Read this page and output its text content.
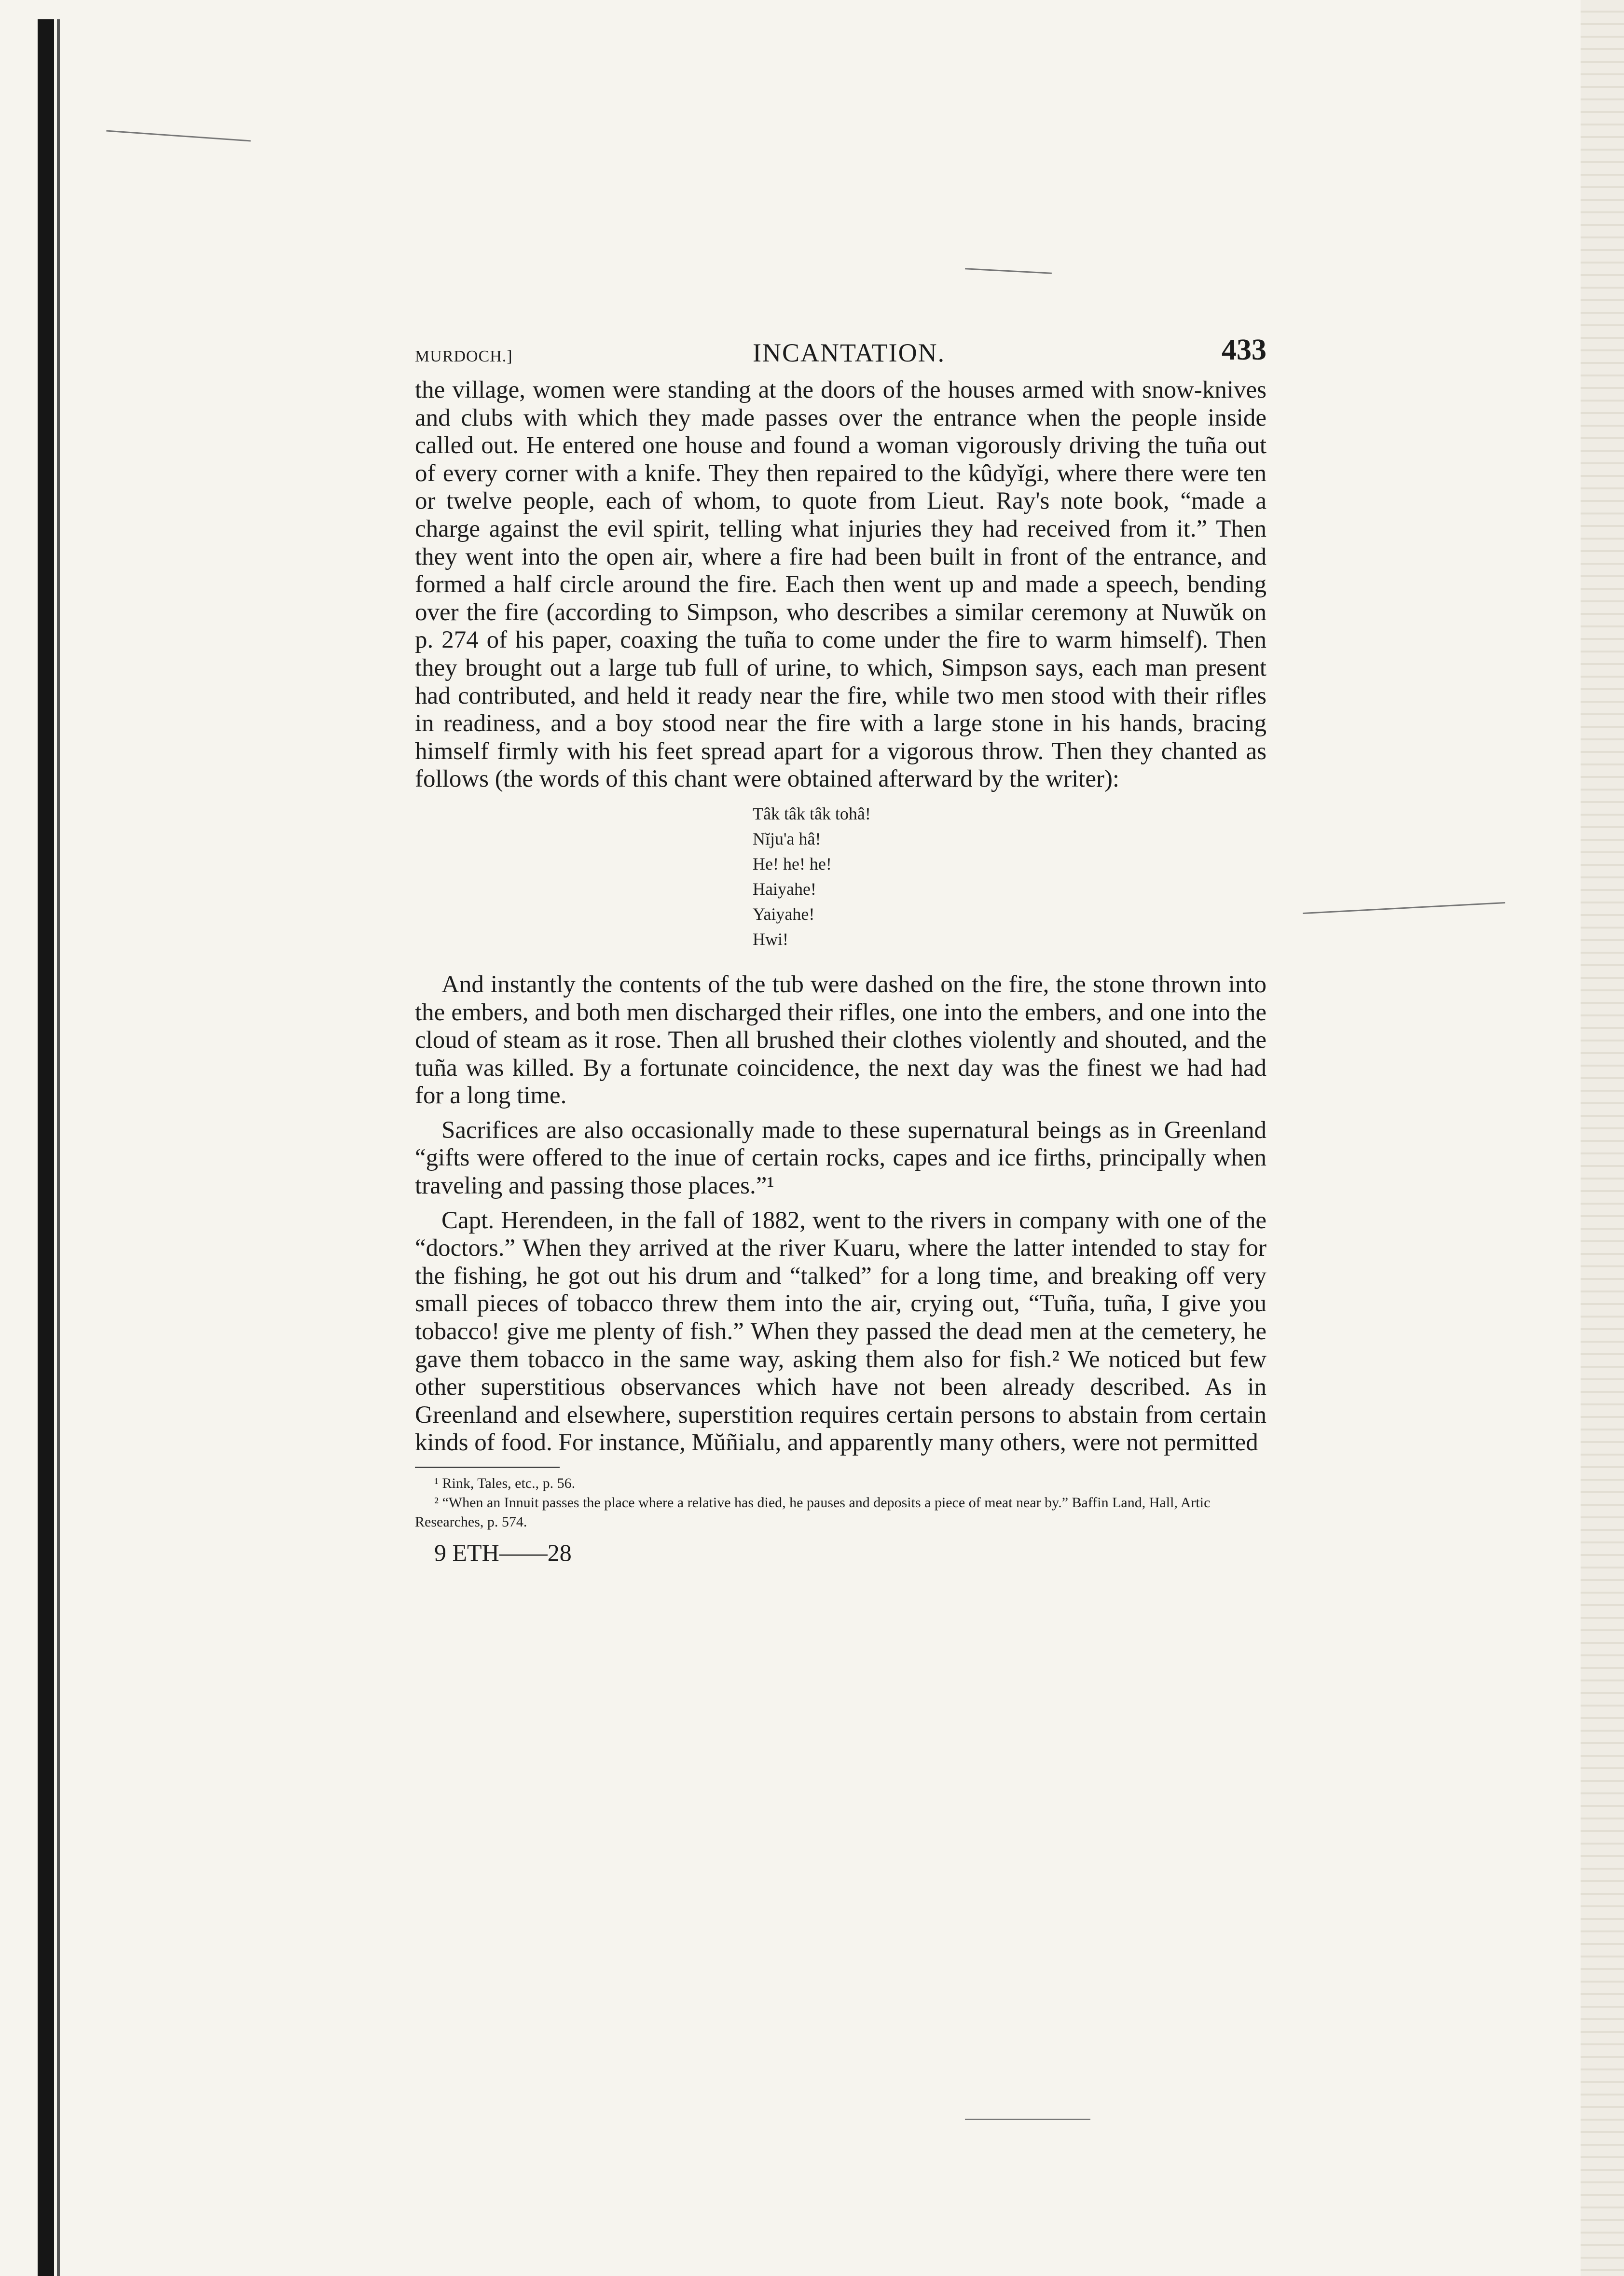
MURDOCH.]	INCANTATION.	433

the village, women were standing at the doors of the houses armed with snow-knives and clubs with which they made passes over the entrance when the people inside called out. He entered one house and found a woman vigorously driving the tuña out of every corner with a knife. They then repaired to the kûdyĭgi, where there were ten or twelve people, each of whom, to quote from Lieut. Ray's note book, “made a charge against the evil spirit, telling what injuries they had received from it.” Then they went into the open air, where a fire had been built in front of the entrance, and formed a half circle around the fire. Each then went up and made a speech, bending over the fire (according to Simpson, who describes a similar ceremony at Nuwŭk on p. 274 of his paper, coaxing the tuña to come under the fire to warm himself). Then they brought out a large tub full of urine, to which, Simpson says, each man present had contributed, and held it ready near the fire, while two men stood with their rifles in readiness, and a boy stood near the fire with a large stone in his hands, bracing himself firmly with his feet spread apart for a vigorous throw. Then they chanted as follows (the words of this chant were obtained afterward by the writer):

Tâk tâk tâk tohâ!
Nĭju'a hâ!
He! he! he!
Haiyahe!
Yaiyahe!
Hwi!

And instantly the contents of the tub were dashed on the fire, the stone thrown into the embers, and both men discharged their rifles, one into the embers, and one into the cloud of steam as it rose. Then all brushed their clothes violently and shouted, and the tuña was killed. By a fortunate coincidence, the next day was the finest we had had for a long time.

Sacrifices are also occasionally made to these supernatural beings as in Greenland “gifts were offered to the inue of certain rocks, capes and ice firths, principally when traveling and passing those places.”¹

Capt. Herendeen, in the fall of 1882, went to the rivers in company with one of the “doctors.” When they arrived at the river Kuaru, where the latter intended to stay for the fishing, he got out his drum and “talked” for a long time, and breaking off very small pieces of tobacco threw them into the air, crying out, “Tuña, tuña, I give you tobacco! give me plenty of fish.” When they passed the dead men at the cemetery, he gave them tobacco in the same way, asking them also for fish.² We noticed but few other superstitious observances which have not been already described. As in Greenland and elsewhere, superstition requires certain persons to abstain from certain kinds of food. For instance, Mŭñialu, and apparently many others, were not permitted

¹ Rink, Tales, etc., p. 56.

² “When an Innuit passes the place where a relative has died, he pauses and deposits a piece of meat near by.” Baffin Land, Hall, Artic Researches, p. 574.

9 ETH——28
